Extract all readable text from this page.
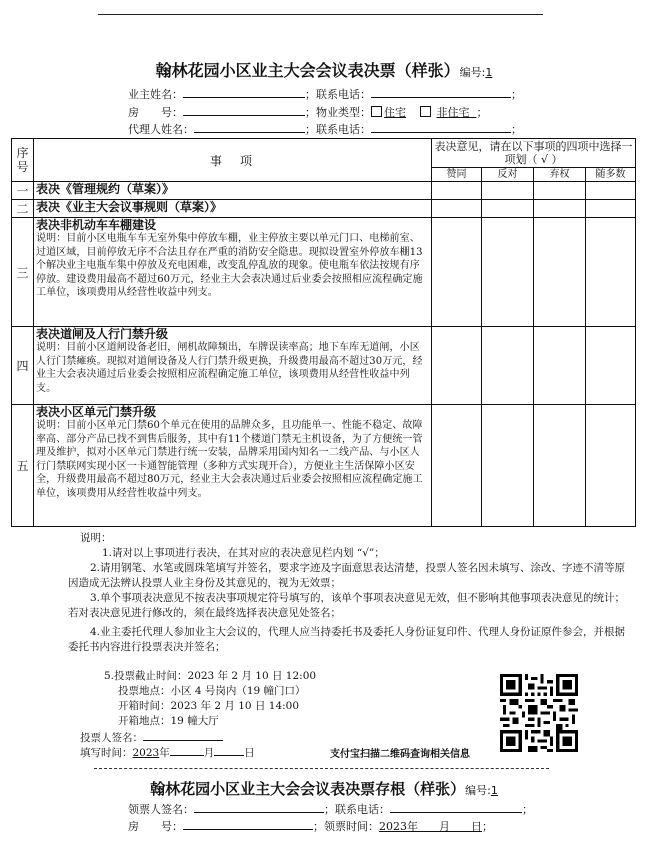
翰林花园小区业主大会会议表决票（样张）编号:1
业主姓名：	；联系电话：	；
房　　号：	；物业类型： 住宅	非住宅 ；
代理人姓名：	；联系电话：	；
序号	事　项	表决意见，请在以下事项的四项中选择一项划（ √ ）			
		赞同	反对	弃权	随多数
一	表决《管理规约（草案）》				
二	表决《业主大会议事规则（草案）》				
三	表决非机动车车棚建设
说明：目前小区电瓶车车无室外集中停放车棚，业主停放主要以单元门口、电梯前室、过道区域，目前停放无序不合法且存在严重的消防安全隐患。现拟设置室外停放车棚13个解决业主电瓶车集中停放及充电困难，改变乱停乱放的现象。使电瓶车依法按规有序停放。建设费用最高不超过60万元，经业主大会表决通过后业委会按照相应流程确定施工单位，该项费用从经营性收益中列支。				

四	表决道闸及人行门禁升级
说明：目前小区道闸设备老旧，闸机故障频出，车牌误读率高；地下车库无道闸，小区人行门禁瘫痪。现拟对道闸设备及人行门禁升级更换，升级费用最高不超过30万元，经业主大会表决通过后业委会按照相应流程确定施工单位，该项费用从经营性收益中列支。				

五	表决小区单元门禁升级
说明：目前小区单元门禁60个单元在使用的品牌众多，且功能单一、性能不稳定、故障率高、部分产品已找不到售后服务，其中有11个楼道门禁无主机设备，为了方便统一管理及维护，拟对小区单元门禁进行统一安装，品牌采用国内知名一二线产品、与小区人行门禁联网实现小区一卡通智能管理（多种方式实现开合），方便业主生活保障小区安全，升级费用最高不超过80万元，经业主大会表决通过后业委会按照相应流程确定施工单位，该项费用从经营性收益中列支。				

说明：

1.请对以上事项进行表决，在其对应的表决意见栏内划 “√”；

2.请用钢笔、水笔或圆珠笔填写并签名，要求字迹及字面意思表达清楚，投票人签名因未填写、涂改、字迹不清等原因造成无法辨认投票人业主身份及其意见的，视为无效票；

3.单个事项表决意见不按表决事项规定符号填写的，该单个事项表决意见无效，但不影响其他事项表决意见的统计；若对表决意见进行修改的，须在最终选择表决意见处签名；

4.业主委托代理人参加业主大会议的，代理人应当持委托书及委托人身份证复印件、代理人身份证原件参会，并根据委托书内容进行投票表决并签名；

5.投票截止时间：2023 年 2 月 10 日 12:00
投票地点：小区 4 号岗内（19 幢门口）
开箱时间：2023 年 2 月 10 日 14:00
开箱地点：19 幢大厅
投票人签名：
填写时间：2023年	月	日	支付宝扫描二维码查询相关信息
翰林花园小区业主大会会议表决票存根（样张）编号:1
领票人签名：	；联系电话：	；
房　　号：	；领票时间：2023年 月 日；
